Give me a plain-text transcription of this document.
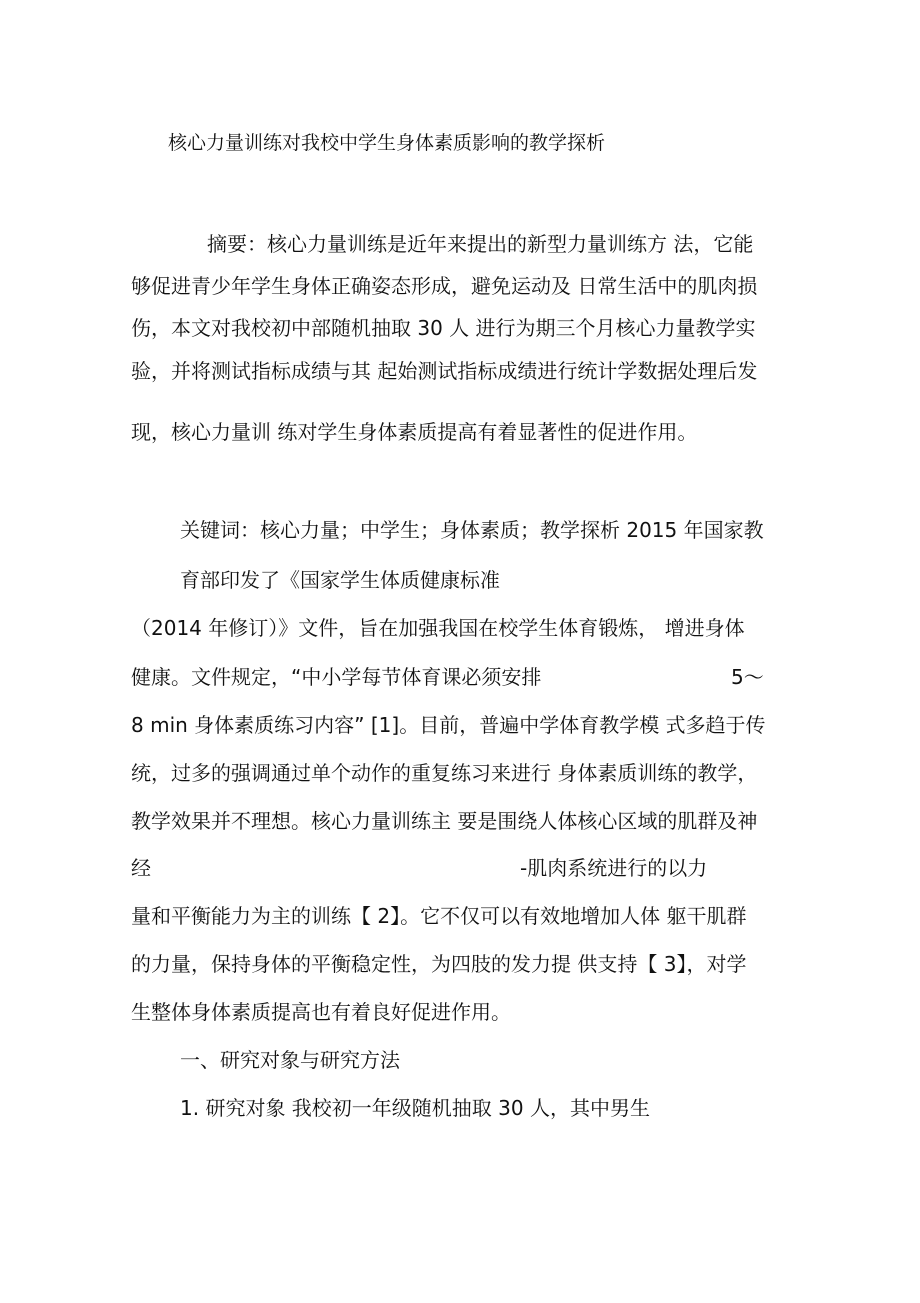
核心力量训练对我校中学生身体素质影响的教学探析

摘要：核心力量训练是近年来提出的新型力量训练方 法，它能

够促进青少年学生身体正确姿态形成，避免运动及 日常生活中的肌肉损

伤，本文对我校初中部随机抽取 30 人 进行为期三个月核心力量教学实

验，并将测试指标成绩与其 起始测试指标成绩进行统计学数据处理后发

现，核心力量训 练对学生身体素质提高有着显著性的促进作用。

关键词：核心力量；中学生；身体素质；教学探析 2015 年国家教

育部印发了《国家学生体质健康标准

（2014 年修订）》文件，旨在加强我国在校学生体育锻炼， 增进身体

健康。文件规定，“中小学每节体育课必须安排	5〜

8 min 身体素质练习内容” [1]。目前，普遍中学体育教学模 式多趋于传

统，过多的强调通过单个动作的重复练习来进行 身体素质训练的教学，

教学效果并不理想。核心力量训练主 要是围绕人体核心区域的肌群及神

经	-肌肉系统进行的以力

量和平衡能力为主的训练【 2】。它不仅可以有效地增加人体 躯干肌群

的力量，保持身体的平衡稳定性，为四肢的发力提 供支持【 3】，对学

生整体身体素质提高也有着良好促进作用。

一、研究对象与研究方法

1. 研究对象 我校初一年级随机抽取 30 人，其中男生
